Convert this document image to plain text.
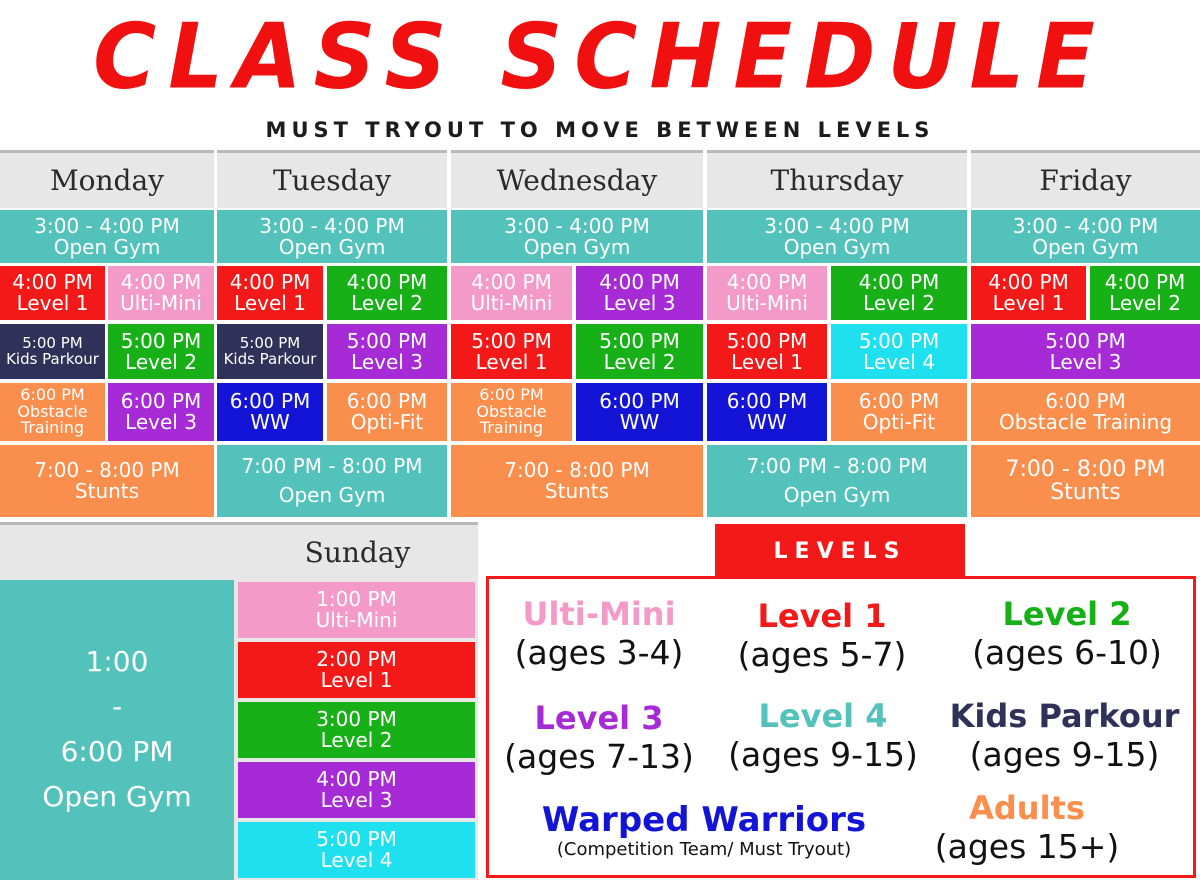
CLASS SCHEDULE
MUST TRYOUT TO MOVE BETWEEN LEVELS
Monday
3:00 - 4:00 PM
Open Gym
4:00 PM
Level 1
4:00 PM
Ulti-Mini
5:00 PM
Kids Parkour
5:00 PM
Level 2
6:00 PM
Obstacle
Training
6:00 PM
Level 3
7:00 - 8:00 PM
Stunts
Tuesday
3:00 - 4:00 PM
Open Gym
4:00 PM
Level 1
4:00 PM
Level 2
5:00 PM
Kids Parkour
5:00 PM
Level 3
6:00 PM
WW
6:00 PM
Opti-Fit
7:00 PM - 8:00 PM
Open Gym
Wednesday
3:00 - 4:00 PM
Open Gym
4:00 PM
Ulti-Mini
4:00 PM
Level 3
5:00 PM
Level 1
5:00 PM
Level 2
6:00 PM
Obstacle
Training
6:00 PM
WW
7:00 - 8:00 PM
Stunts
Thursday
3:00 - 4:00 PM
Open Gym
4:00 PM
Ulti-Mini
4:00 PM
Level 2
5:00 PM
Level 1
5:00 PM
Level 4
6:00 PM
WW
6:00 PM
Opti-Fit
7:00 PM - 8:00 PM
Open Gym
Friday
3:00 - 4:00 PM
Open Gym
4:00 PM
Level 1
4:00 PM
Level 2
5:00 PM
Level 3
6:00 PM
Obstacle Training
7:00 - 8:00 PM
Stunts
Sunday
1:00
-
6:00 PM
Open Gym
1:00 PM
Ulti-Mini
2:00 PM
Level 1
3:00 PM
Level 2
4:00 PM
Level 3
5:00 PM
Level 4
LEVELS
Ulti-Mini
(ages 3-4)
Level 1
(ages 5-7)
Level 2
(ages 6-10)
Level 3
(ages 7-13)
Level 4
(ages 9-15)
Kids Parkour
(ages 9-15)
Warped Warriors
(Competition Team/ Must Tryout)
Adults
(ages 15+)
